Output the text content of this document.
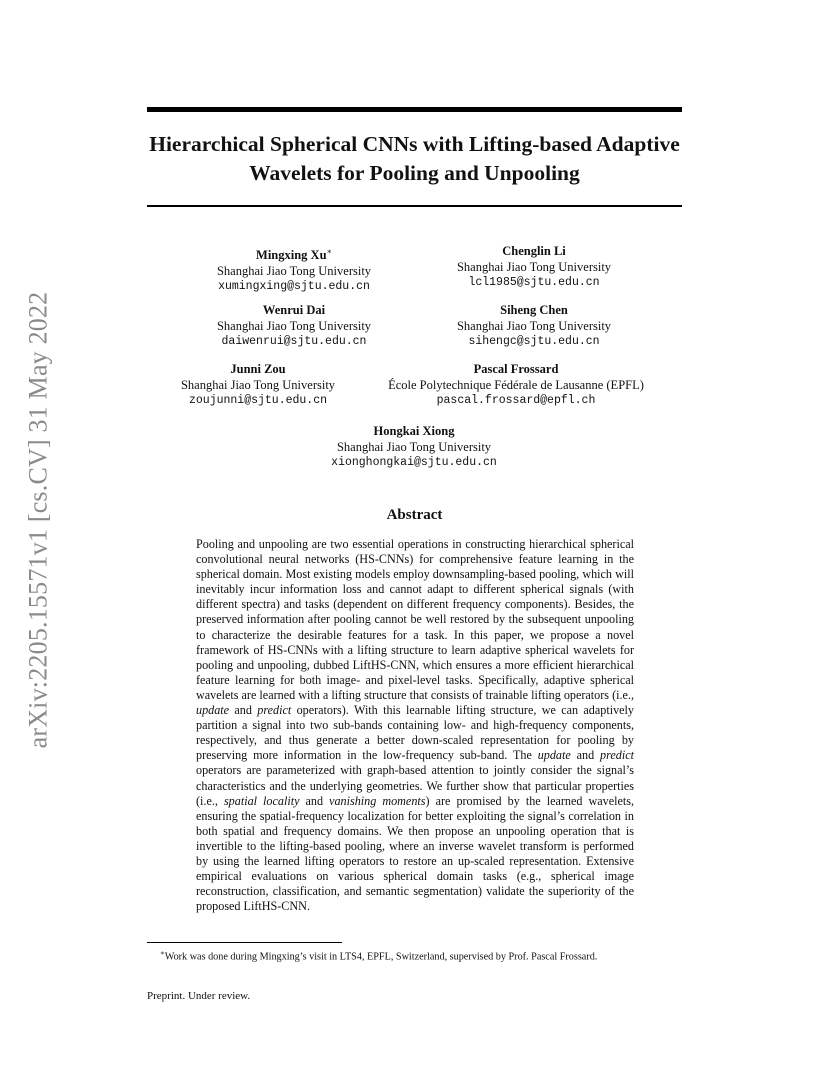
arXiv:2205.15571v1 [cs.CV] 31 May 2022
Hierarchical Spherical CNNs with Lifting-based Adaptive Wavelets for Pooling and Unpooling
Mingxing Xu∗
Shanghai Jiao Tong University
xumingxing@sjtu.edu.cn
Chenglin Li
Shanghai Jiao Tong University
lcl1985@sjtu.edu.cn
Wenrui Dai
Shanghai Jiao Tong University
daiwenrui@sjtu.edu.cn
Siheng Chen
Shanghai Jiao Tong University
sihengc@sjtu.edu.cn
Junni Zou
Shanghai Jiao Tong University
zoujunni@sjtu.edu.cn
Pascal Frossard
École Polytechnique Fédérale de Lausanne (EPFL)
pascal.frossard@epfl.ch
Hongkai Xiong
Shanghai Jiao Tong University
xionghongkai@sjtu.edu.cn
Abstract

Pooling and unpooling are two essential operations in constructing hierarchical spherical convolutional neural networks (HS-CNNs) for comprehensive feature learning in the spherical domain. Most existing models employ downsampling-based pooling, which will inevitably incur information loss and cannot adapt to different spherical signals (with different spectra) and tasks (dependent on different frequency components). Besides, the preserved information after pooling cannot be well restored by the subsequent unpooling to characterize the desirable features for a task. In this paper, we propose a novel framework of HS-CNNs with a lifting structure to learn adaptive spherical wavelets for pooling and unpooling, dubbed LiftHS-CNN, which ensures a more efficient hierarchical feature learning for both image- and pixel-level tasks. Specifically, adaptive spherical wavelets are learned with a lifting structure that consists of trainable lifting operators (i.e., update and predict operators). With this learnable lifting structure, we can adaptively partition a signal into two sub-bands containing low- and high-frequency components, respectively, and thus generate a better down-scaled representation for pooling by preserving more information in the low-frequency sub-band. The update and predict operators are parameterized with graph-based attention to jointly consider the signal’s characteristics and the underlying geometries. We further show that particular properties (i.e., spatial locality and vanishing moments) are promised by the learned wavelets, ensuring the spatial-frequency localization for better exploiting the signal’s correlation in both spatial and frequency domains. We then propose an unpooling operation that is invertible to the lifting-based pooling, where an inverse wavelet transform is performed by using the learned lifting operators to restore an up-scaled representation. Extensive empirical evaluations on various spherical domain tasks (e.g., spherical image reconstruction, classification, and semantic segmentation) validate the superiority of the proposed LiftHS-CNN.

∗Work was done during Mingxing’s visit in LTS4, EPFL, Switzerland, supervised by Prof. Pascal Frossard.
Preprint. Under review.
